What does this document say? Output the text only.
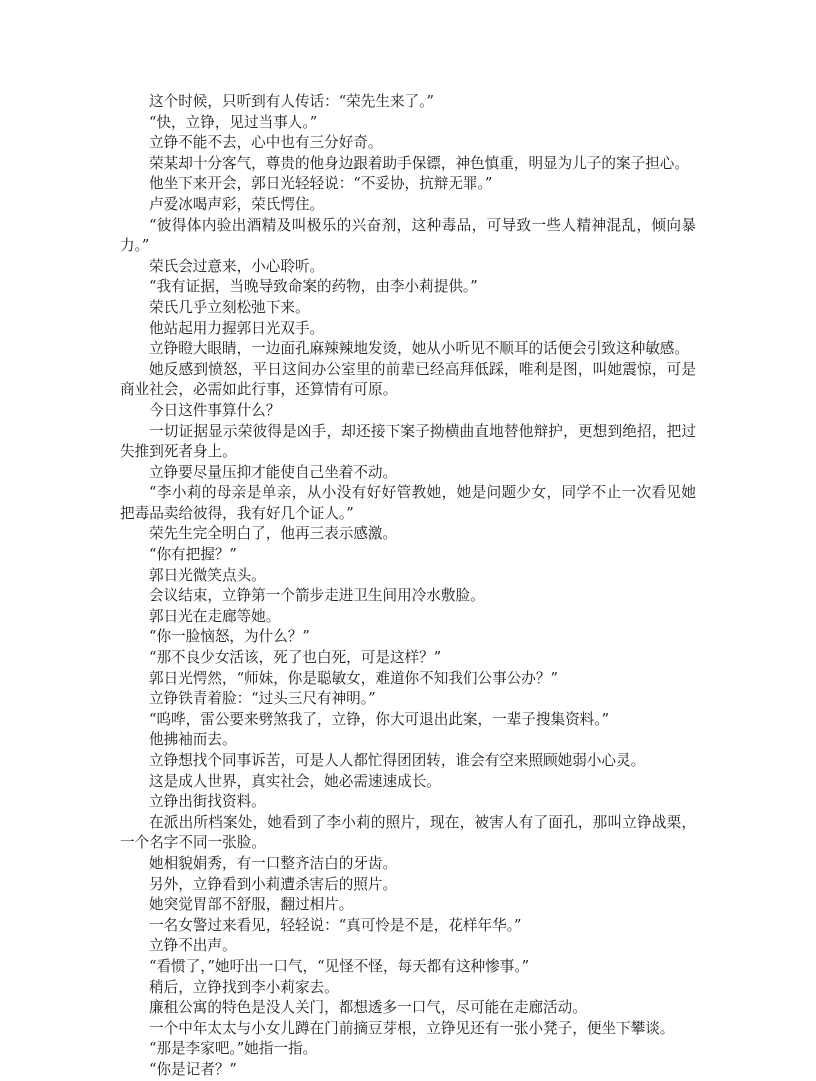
这个时候，只听到有人传话：“荣先生来了。”

“快，立铮，见过当事人。”

立铮不能不去，心中也有三分好奇。

荣某却十分客气，尊贵的他身边跟着助手保镖，神色慎重，明显为儿子的案子担心。

他坐下来开会，郭日光轻轻说：“不妥协，抗辩无罪。”

卢爱冰喝声彩，荣氏愕住。

“彼得体内验出酒精及叫极乐的兴奋剂，这种毒品，可导致一些人精神混乱，倾向暴力。”

荣氏会过意来，小心聆听。

“我有证据，当晚导致命案的药物，由李小莉提供。”

荣氏几乎立刻松弛下来。

他站起用力握郭日光双手。

立铮瞪大眼睛，一边面孔麻辣辣地发烫，她从小听见不顺耳的话便会引致这种敏感。

她反感到愤怒，平日这间办公室里的前辈已经高拜低踩，唯利是图，叫她震惊，可是商业社会，必需如此行事，还算情有可原。

今日这件事算什么？

一切证据显示荣彼得是凶手，却还接下案子拗横曲直地替他辩护，更想到绝招，把过失推到死者身上。

立铮要尽量压抑才能使自己坐着不动。

“李小莉的母亲是单亲，从小没有好好管教她，她是问题少女，同学不止一次看见她把毒品卖给彼得，我有好几个证人。”

荣先生完全明白了，他再三表示感激。

“你有把握？”

郭日光微笑点头。

会议结束，立铮第一个箭步走进卫生间用冷水敷脸。

郭日光在走廊等她。

“你一脸恼怒，为什么？”

“那不良少女活该，死了也白死，可是这样？”

郭日光愕然，“师妹，你是聪敏女，难道你不知我们公事公办？”

立铮铁青着脸：“过头三尺有神明。”

“呜哗，雷公要来劈煞我了，立铮，你大可退出此案，一辈子搜集资料。”

他拂袖而去。

立铮想找个同事诉苦，可是人人都忙得团团转，谁会有空来照顾她弱小心灵。

这是成人世界，真实社会，她必需速速成长。

立铮出街找资料。

在派出所档案处，她看到了李小莉的照片，现在，被害人有了面孔，那叫立铮战栗，一个名字不同一张脸。

她相貌娟秀，有一口整齐洁白的牙齿。

另外，立铮看到小莉遭杀害后的照片。

她突觉胃部不舒服，翻过相片。

一名女警过来看见，轻轻说：“真可怜是不是，花样年华。”

立铮不出声。

“看惯了，”她吁出一口气，“见怪不怪，每天都有这种惨事。”

稍后，立铮找到李小莉家去。

廉租公寓的特色是没人关门，都想透多一口气，尽可能在走廊活动。

一个中年太太与小女儿蹲在门前摘豆芽根，立铮见还有一张小凳子，便坐下攀谈。

“那是李家吧。”她指一指。

“你是记者？”
